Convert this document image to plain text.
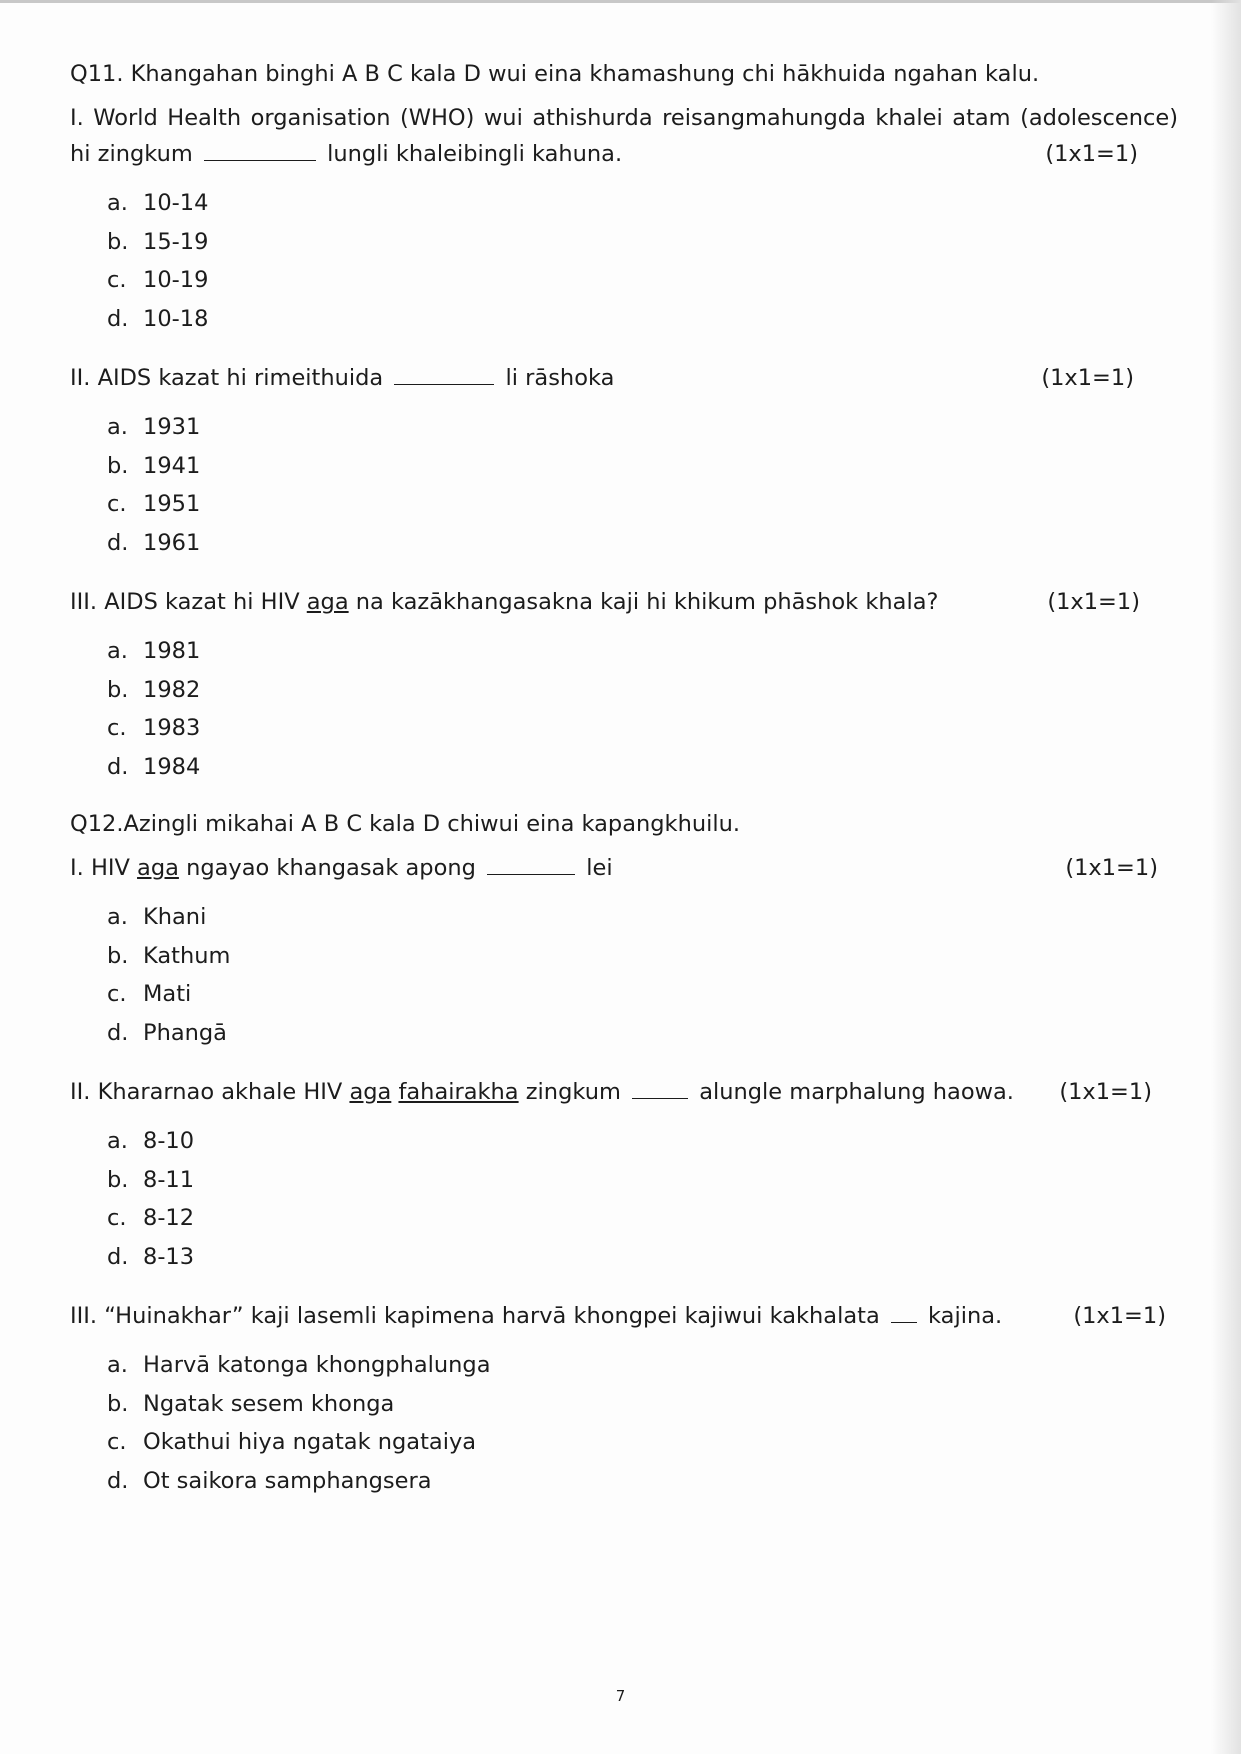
Q11. Khangahan binghi A B C kala D wui eina khamashung chi hākhuida ngahan kalu.
I. World Health organisation (WHO) wui athishurda reisangmahungda khalei atam (adolescence) hi zingkum	lungli khaleibingli kahuna.	(1x1=1)
a. 10-14
b. 15-19
c. 10-19
d. 10-18
II. AIDS kazat hi rimeithuida	li rāshoka	(1x1=1)
a. 1931
b. 1941
c. 1951
d. 1961
III. AIDS kazat hi HIV aga na kazākhangasakna kaji hi khikum phāshok khala?	(1x1=1)
a. 1981
b. 1982
c. 1983
d. 1984
Q12.Azingli mikahai A B C kala D chiwui eina kapangkhuilu.
I. HIV aga ngayao khangasak apong	lei	(1x1=1)
a. Khani
b. Kathum
c. Mati
d. Phangā
II. Khararnao akhale HIV aga fahairakha zingkum	alungle marphalung haowa. (1x1=1)
a. 8-10
b. 8-11
c. 8-12
d. 8-13
III. “Huinakhar” kaji lasemli kapimena harvā khongpei kajiwui kakhalata kajina.	(1x1=1)
a. Harvā katonga khongphalunga
b. Ngatak sesem khonga
c. Okathui hiya ngatak ngataiya
d. Ot saikora samphangsera
7
